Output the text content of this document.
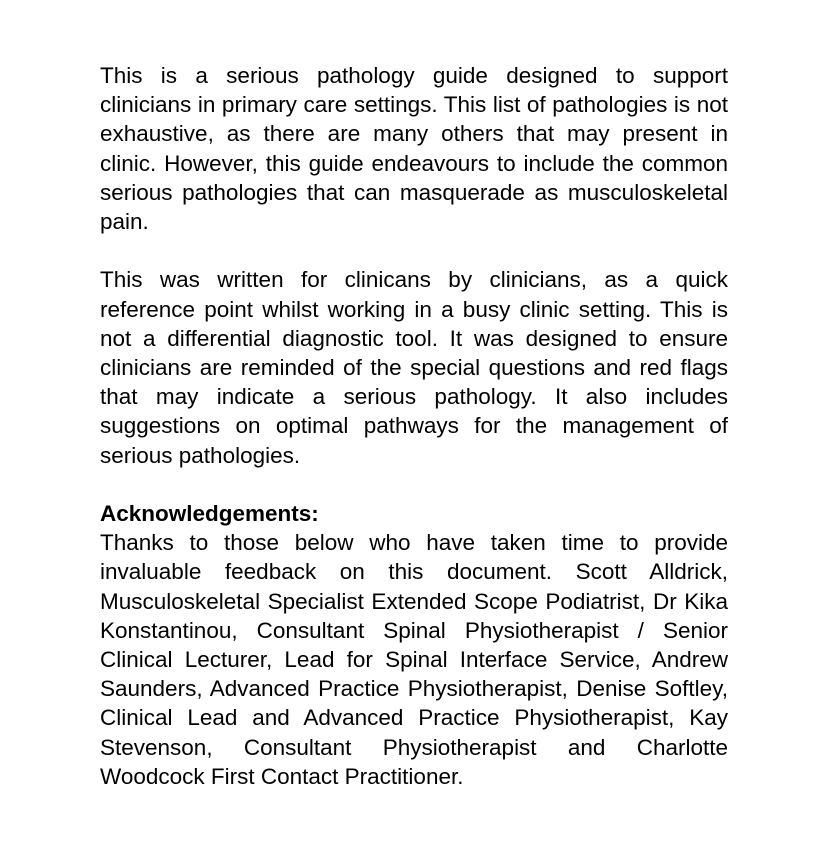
This is a serious pathology guide designed to support clinicians in primary care settings. This list of pathologies is not exhaustive, as there are many others that may present in clinic. However, this guide endeavours to include the common serious pathologies that can masquerade as musculoskeletal pain.

This was written for clinicans by clinicians, as a quick reference point whilst working in a busy clinic setting. This is not a differential diagnostic tool. It was designed to ensure clinicians are reminded of the special questions and red flags that may indicate a serious pathology. It also includes suggestions on optimal pathways for the management of serious pathologies.

Acknowledgements:

Thanks to those below who have taken time to provide invaluable feedback on this document. Scott Alldrick, Musculoskeletal Specialist Extended Scope Podiatrist, Dr Kika Konstantinou, Consultant Spinal Physiotherapist / Senior Clinical Lecturer, Lead for Spinal Interface Service, Andrew Saunders, Advanced Practice Physiotherapist, Denise Softley, Clinical Lead and Advanced Practice Physiotherapist, Kay Stevenson, Consultant Physiotherapist and Charlotte Woodcock First Contact Practitioner.
